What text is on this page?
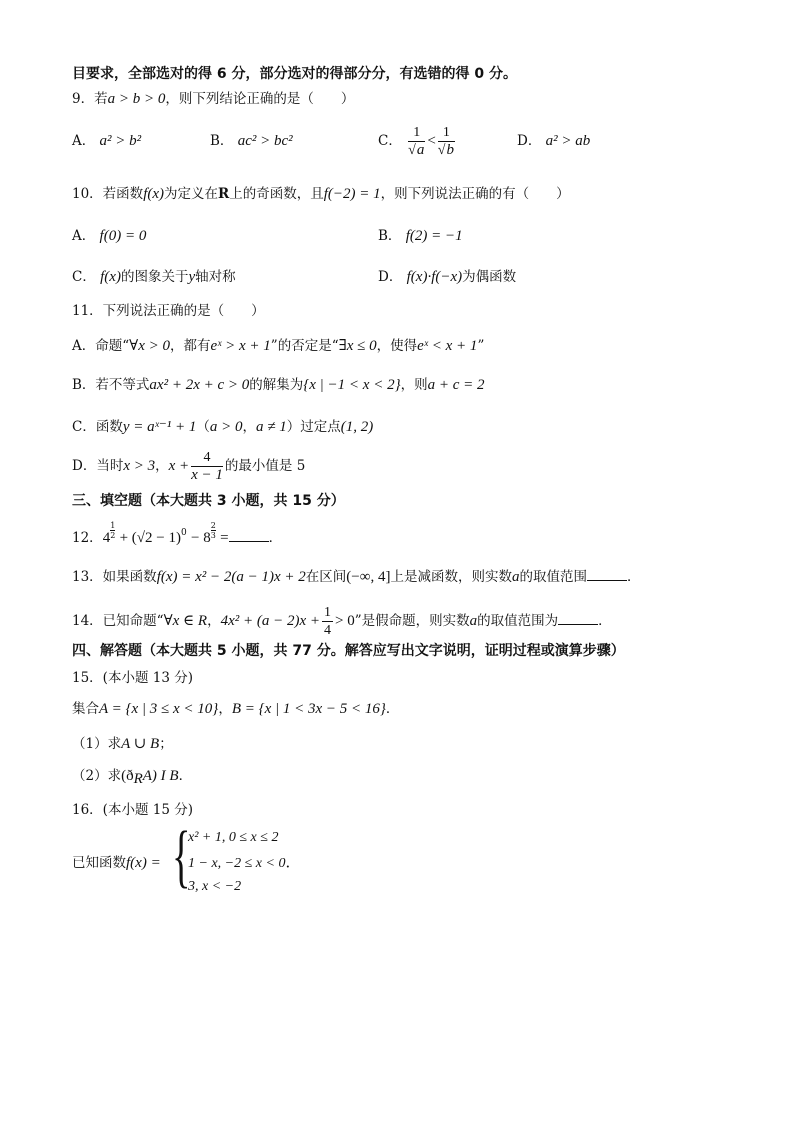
目要求，全部选对的得 6 分，部分选对的得部分分，有选错的得 0 分。
9．若a > b > 0，则下列结论正确的是（　　）
A． a² > b²	B． ac² > bc²	C． $\frac{1}{√a} < \frac{1}{√b}$	D． a² > ab
10．若函数f(x)为定义在R上的奇函数，且f(−2) = 1，则下列说法正确的有（　　）
A． f(0) = 0	B． f(2) = −1
C． f(x)的图象关于y轴对称	D． f(x)·f(−x)为偶函数
11．下列说法正确的是（　　）
A．命题“∀x > 0，都有eˣ > x + 1”的否定是“∃x ≤ 0，使得eˣ < x + 1”
B．若不等式ax² + 2x + c > 0的解集为{x | −1 < x < 2}，则a + c = 2
C．函数y = aˣ⁻¹ + 1（a > 0，a ≠ 1）过定点(1, 2)
D．当时x > 3，$x + \frac{4}{x - 1}$ 的最小值是 5
三、填空题（本大题共 3 小题，共 15 分）
12．$4 \frac{1}{2} + (√2 - 1)^0 - 8 \frac{2}{3}$ =	．
13．如果函数f(x) = x² − 2(a − 1)x + 2在区间(−∞, 4]上是减函数，则实数a的取值范围	．
14．已知命题“∀x ∈ R，$4x^2 + (a - 2)x + \frac{1}{4} > 0$”是假命题，则实数a的取值范围为	．
四、解答题（本大题共 5 小题，共 77 分。解答应写出文字说明，证明过程或演算步骤）
15．(本小题 13 分)
集合A = {x | 3 ≤ x < 10}，B = {x | 1 < 3x − 5 < 16}．
（1）求A ∪ B；
（2）求$(ð_RA)$ I B．
16．(本小题 15 分)
已知函数f(x) = {
x² + 1, 0 ≤ x ≤ 2
1 − x, −2 ≤ x < 0．
3, x < −2
